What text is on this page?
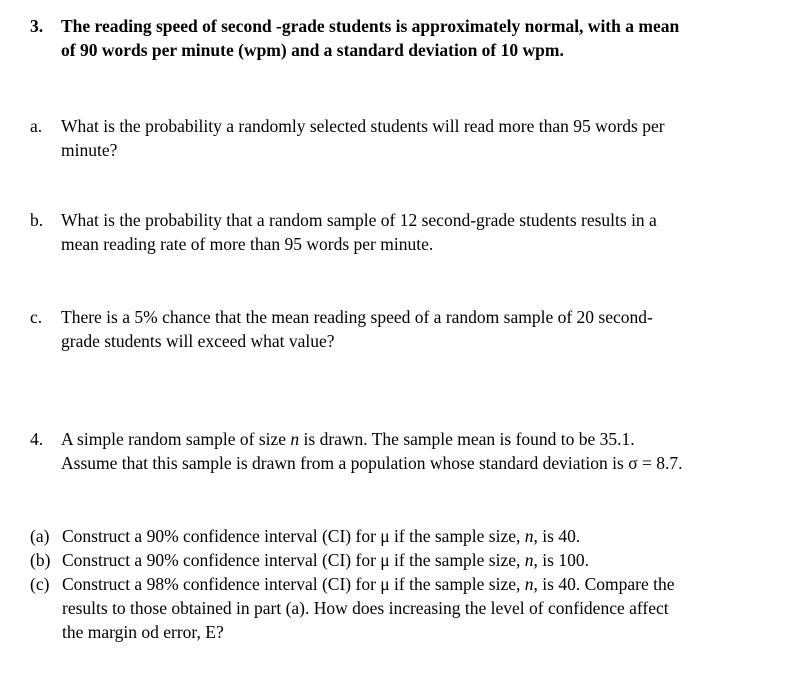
3. The reading speed of second -grade students is approximately normal, with a mean
of 90 words per minute (wpm) and a standard deviation of 10 wpm.
a. What is the probability a randomly selected students will read more than 95 words per
minute?
b. What is the probability that a random sample of 12 second-grade students results in a
mean reading rate of more than 95 words per minute.
c. There is a 5% chance that the mean reading speed of a random sample of 20 second-
grade students will exceed what value?
4. A simple random sample of size n is drawn. The sample mean is found to be 35.1.
Assume that this sample is drawn from a population whose standard deviation is σ = 8.7.
(a) Construct a 90% confidence interval (CI) for μ if the sample size, n, is 40.
(b) Construct a 90% confidence interval (CI) for μ if the sample size, n, is 100.
(c) Construct a 98% confidence interval (CI) for μ if the sample size, n, is 40. Compare the
results to those obtained in part (a). How does increasing the level of confidence affect
the margin od error, E?
